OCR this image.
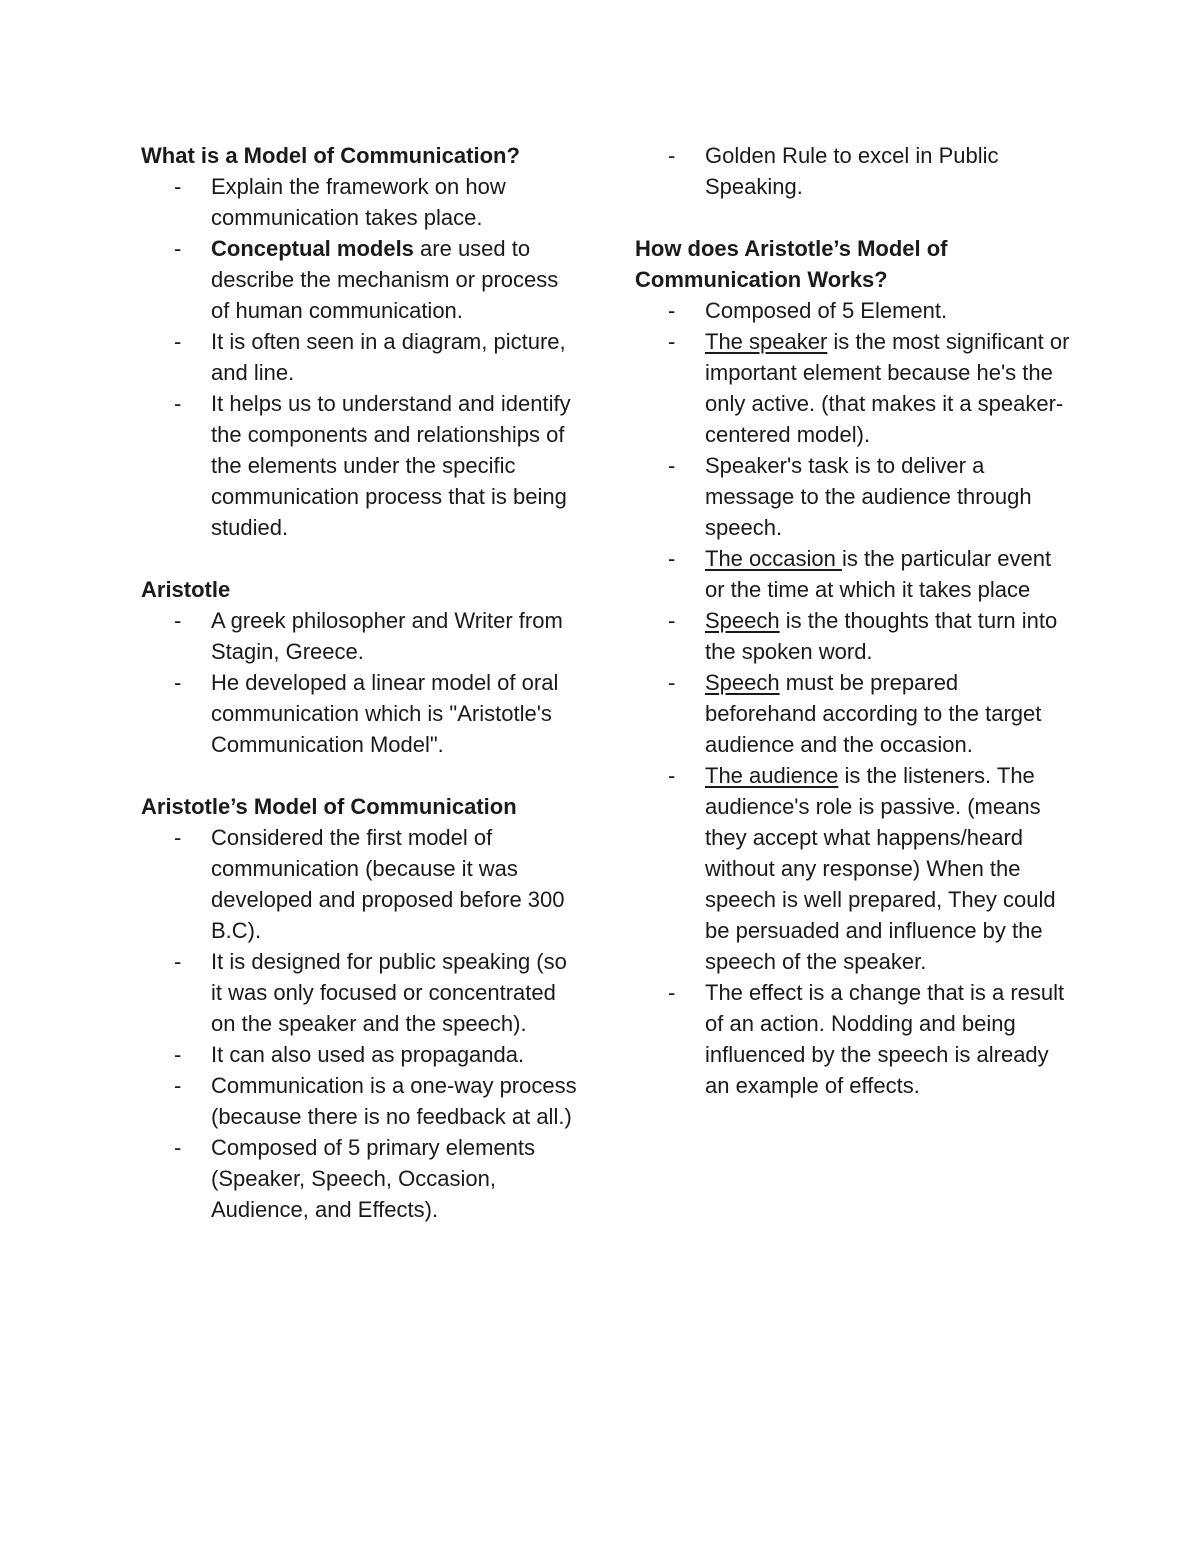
What is a Model of Communication?

- Explain the framework on how communication takes place.
- Conceptual models are used to describe the mechanism or process of human communication.
- It is often seen in a diagram, picture, and line.
- It helps us to understand and identify the components and relationships of the elements under the specific communication process that is being studied.

Aristotle

- A greek philosopher and Writer from Stagin, Greece.
- He developed a linear model of oral communication which is "Aristotle's Communication Model".

Aristotle’s Model of Communication

- Considered the first model of communication (because it was developed and proposed before 300 B.C).
- It is designed for public speaking (so it was only focused or concentrated on the speaker and the speech).
- It can also used as propaganda.
- Communication is a one-way process (because there is no feedback at all.)
- Composed of 5 primary elements (Speaker, Speech, Occasion, Audience, and Effects).
- Golden Rule to excel in Public Speaking.

How does Aristotle’s Model of
Communication Works?

- Composed of 5 Element.
- The speaker is the most significant or important element because he's the only active. (that makes it a speaker-centered model).
- Speaker's task is to deliver a message to the audience through speech.
- The occasion is the particular event or the time at which it takes place
- Speech is the thoughts that turn into the spoken word.
- Speech must be prepared beforehand according to the target audience and the occasion.
- The audience is the listeners. The audience's role is passive. (means they accept what happens/heard without any response) When the speech is well prepared, They could be persuaded and influence by the speech of the speaker.
- The effect is a change that is a result of an action. Nodding and being influenced by the speech is already an example of effects.
